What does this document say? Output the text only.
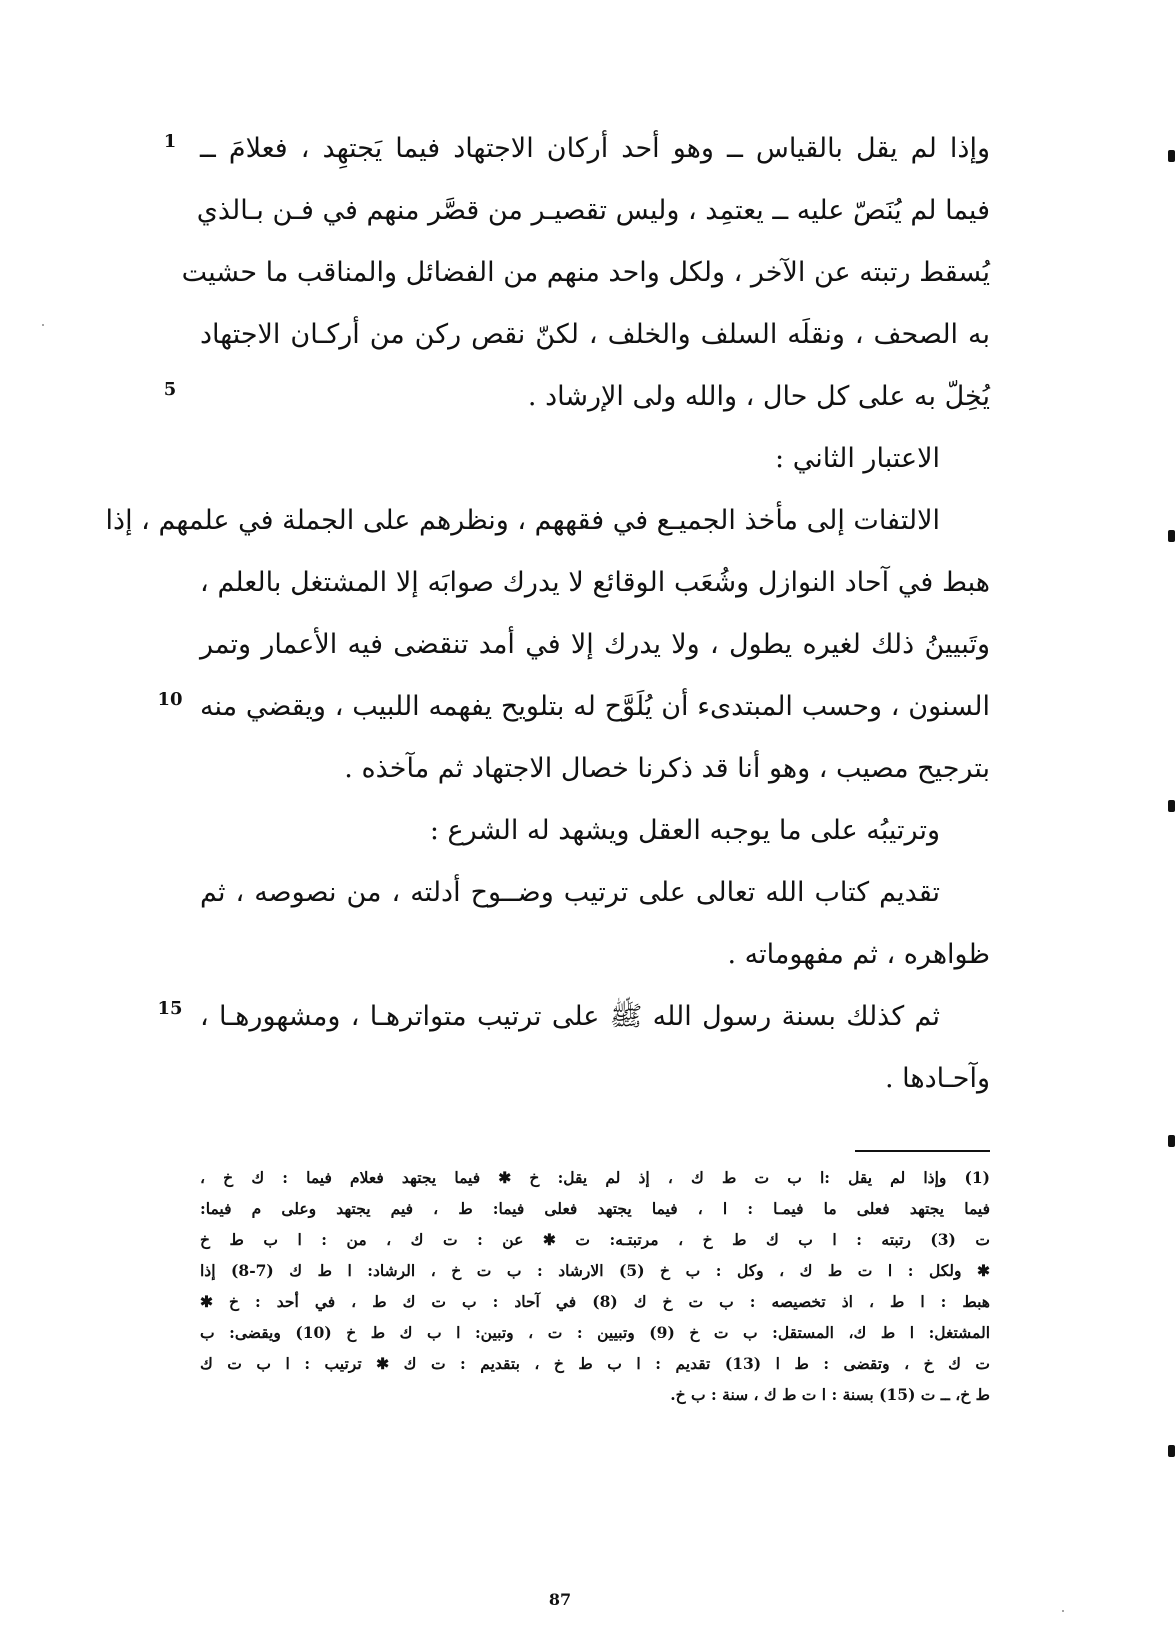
وإذا لم يقل بالقياس ــ وهو أحد أركان الاجتهاد فيما يَجتهِد ، فعلامَ ــ
فيما لم يُنَصّ عليه ــ يعتمِد ، وليس تقصيـر من قصَّر منهم في فـن بـالذي
يُسقط رتبته عن الآخر ، ولكل واحد منهم من الفضائل والمناقب ما حشيت
به الصحف ، ونقلَه السلف والخلف ، لكنّ نقص ركن من أركـان الاجتهاد
يُخِلّ به على كل حال ، والله ولى الإرشاد .
الاعتبار الثاني :
الالتفات إلى مأخذ الجميـع في فقههم ، ونظرهم على الجملة في علمهم ، إذا
هبط في آحاد النوازل وشُعَب الوقائع لا يدرك صوابَه إلا المشتغل بالعلم ،
وتَبيينُ ذلك لغيره يطول ، ولا يدرك إلا في أمد تنقضى فيه الأعمار وتمر
السنون ، وحسب المبتدىء أن يُلَوَّح له بتلويح يفهمه اللبيب ، ويقضي منه
بترجيح مصيب ، وهو أنا قد ذكرنا خصال الاجتهاد ثم مآخذه .
وترتيبُه على ما يوجبه العقل ويشهد له الشرع :
تقديم كتاب الله تعالى على ترتيب وضــوح أدلته ، من نصوصه ، ثم
ظواهره ، ثم مفهوماته .
ثم كذلك بسنة رسول الله ﷺ على ترتيب متواترهـا ، ومشهورهـا ،
وآحـادها .
1
5
10
15
(1) وإذا لم يقل :ا ب ت ط ك ، إذ لم يقل: خ ✱ فيما يجتهد فعلام فيما : ك خ ،
فيما يجتهد فعلى ما فيمـا : ا ، فيما يجتهد فعلى فيما: ط ، فيم يجتهد وعلى م فيما:
ت (3) رتبته : ا ب ك ط خ ، مرتبتـه: ت ✱ عن : ت ك ، من : ا ب ط خ
✱ ولكل : ا ت ط ك ، وكل : ب خ (5) الارشاد : ب ت خ ، الرشاد: ا ط ك (7-8) إذا
هبط : ا ط ، اذ تخصيصه : ب ت خ ك (8) في آحاد : ب ت ك ط ، في أحد : خ ✱
المشتغل: ا ط ك، المستقل: ب ت خ (9) وتبيين : ت ، وتبين: ا ب ك ط خ (10) ويقضى: ب
ت ك خ ، وتقضى : ط ا (13) تقديم : ا ب ط خ ، بتقديم : ت ك ✱ ترتيب : ا ب ت ك
ط خ، ــ ت (15) بسنة : ا ت ط ك ، سنة : ب خ.
87
